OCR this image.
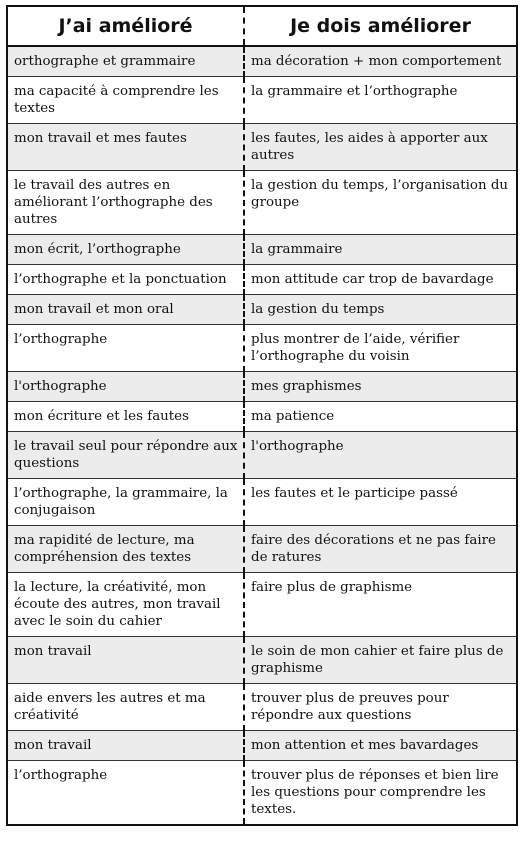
J’ai amélioré	Je dois améliorer
orthographe et grammaire	ma décoration + mon comportement
ma capacité à comprendre les textes	la grammaire et l’orthographe
mon travail et mes fautes	les fautes, les aides à apporter aux autres
le travail des autres en améliorant l’orthographe des autres	la gestion du temps, l’organisation du groupe
mon écrit, l’orthographe	la grammaire
l’orthographe et la ponctuation	mon attitude car trop de bavardage
mon travail et mon oral	la gestion du temps
l’orthographe	plus montrer de l’aide, vérifier l’orthographe du voisin
l'orthographe	mes graphismes
mon écriture et les fautes	ma patience
le travail seul pour répondre aux questions	l'orthographe
l’orthographe, la grammaire, la conjugaison	les fautes et le participe passé
ma rapidité de lecture, ma compréhension des textes	faire des décorations et ne pas faire de ratures
la lecture, la créativité, mon écoute des autres, mon travail avec le soin du cahier	faire plus de graphisme
mon travail	le soin de mon cahier et faire plus de graphisme
aide envers les autres et ma créativité	trouver plus de preuves pour répondre aux questions
mon travail	mon attention et mes bavardages
l’orthographe	trouver plus de réponses et bien lire les questions pour comprendre les textes.
